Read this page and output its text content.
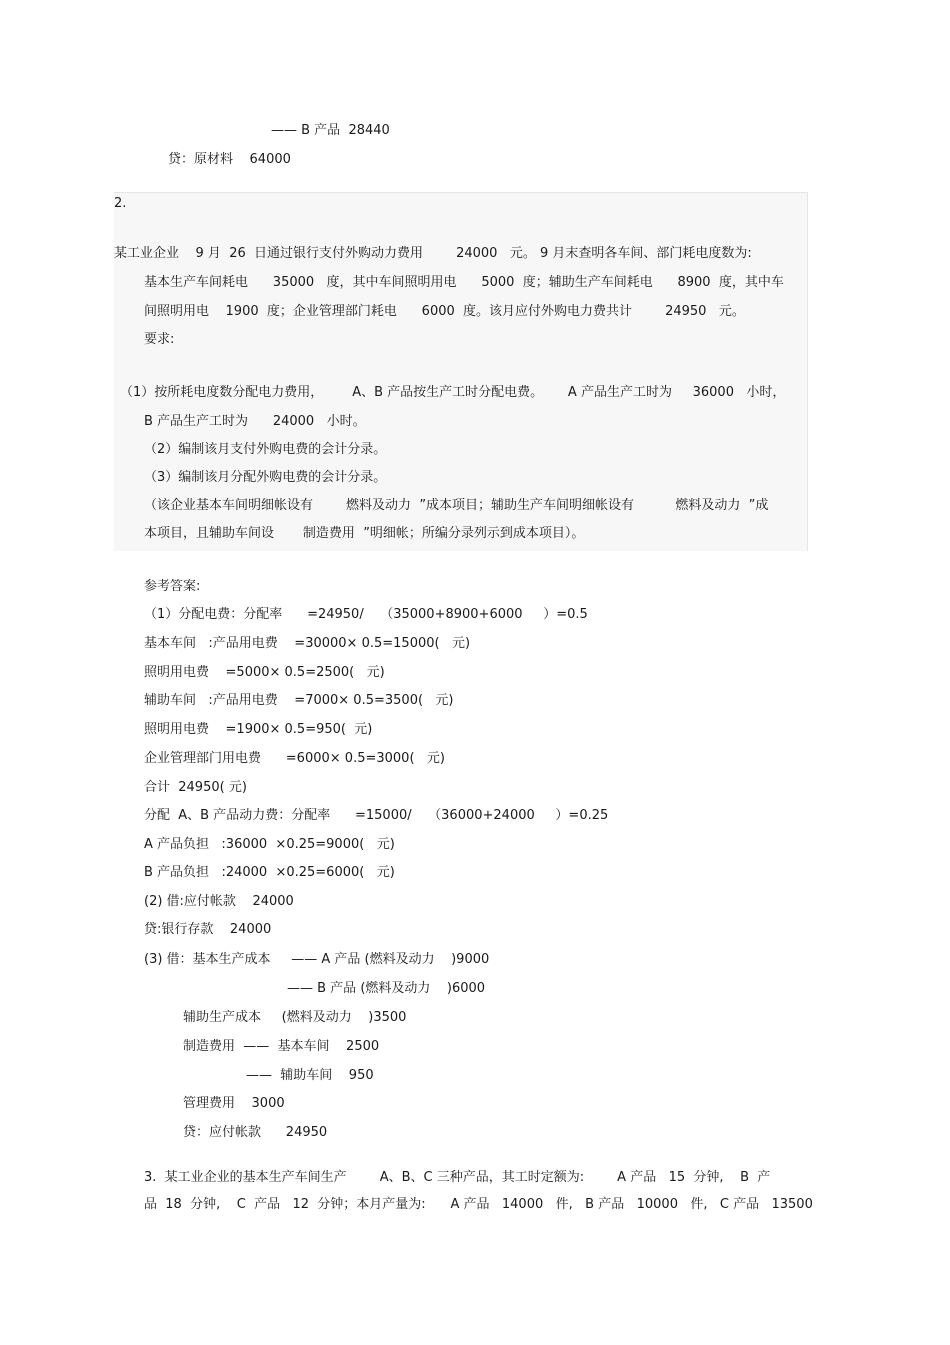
—— B 产品  28440
贷：原材料    64000
2.
某工业企业    9 月  26  日通过银行支付外购动力费用        24000   元。 9 月末查明各车间、部门耗电度数为:
基本生产车间耗电      35000   度，其中车间照明用电      5000  度；辅助生产车间耗电      8900  度，其中车
间照明用电    1900  度；企业管理部门耗电      6000  度。该月应付外购电力费共计        24950   元。
要求:
（1）按所耗电度数分配电力费用，       A、B 产品按生产工时分配电费。      A 产品生产工时为     36000   小时，
B 产品生产工时为      24000   小时。
（2）编制该月支付外购电费的会计分录。
（3）编制该月分配外购电费的会计分录。
（该企业基本车间明细帐设有        燃料及动力  ”成本项目；辅助生产车间明细帐设有          燃料及动力  ”成
本项目，且辅助车间设       制造费用  ”明细帐；所编分录列示到成本项目）。
参考答案:
（1）分配电费：分配率      =24950/    （35000+8900+6000     ）=0.5
基本车间   :产品用电费    =30000× 0.5=15000(   元)
照明用电费    =5000× 0.5=2500(   元)
辅助车间   :产品用电费    =7000× 0.5=3500(   元)
照明用电费    =1900× 0.5=950(  元)
企业管理部门用电费      =6000× 0.5=3000(   元)
合计  24950( 元)
分配  A、B 产品动力费：分配率      =15000/    （36000+24000     ）=0.25
A 产品负担   :36000  ×0.25=9000(   元)
B 产品负担   :24000  ×0.25=6000(   元)
(2) 借:应付帐款    24000
贷:银行存款    24000
(3) 借：基本生产成本     —— A 产品 (燃料及动力    )9000
—— B 产品 (燃料及动力    )6000
辅助生产成本     (燃料及动力    )3500
制造费用  ——  基本车间    2500
——  辅助车间    950
管理费用    3000
贷：应付帐款      24950
3.  某工业企业的基本生产车间生产        A、B、C 三种产品，其工时定额为:        A 产品   15  分钟,    B  产
品  18  分钟,    C  产品   12  分钟；本月产量为:      A 产品   14000   件,   B 产品   10000   件,   C 产品   13500
